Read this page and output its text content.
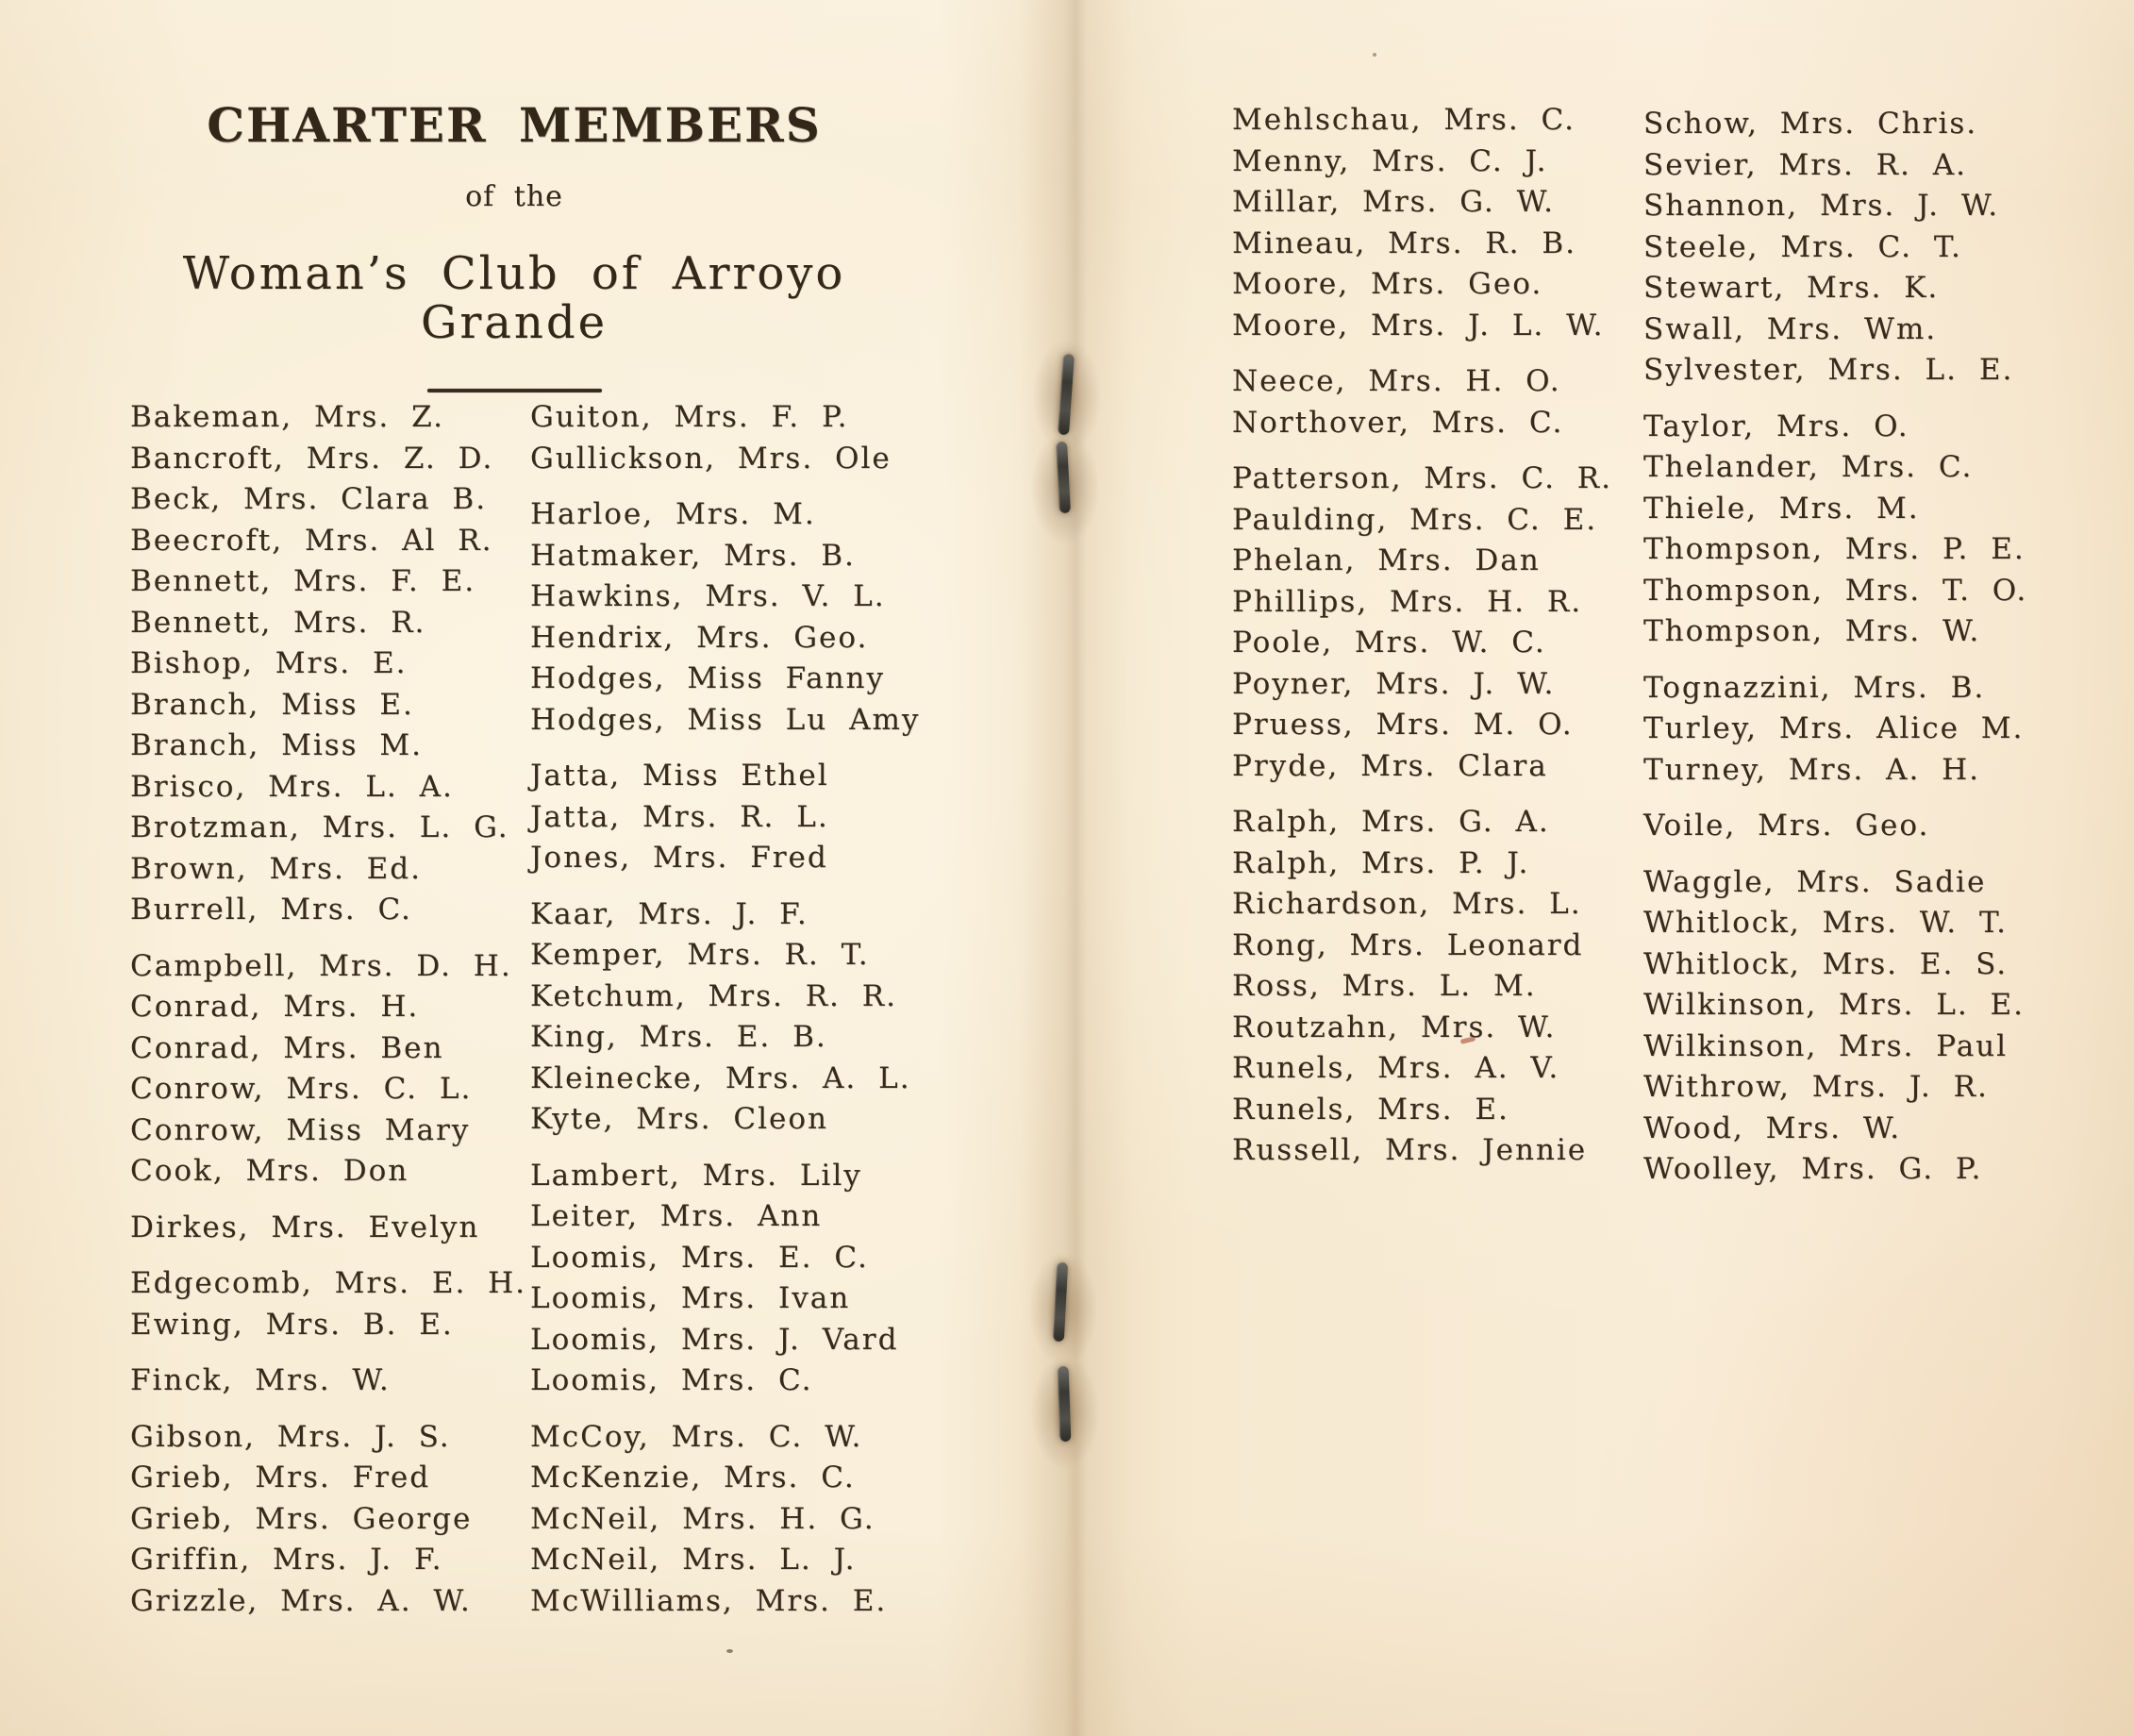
CHARTER MEMBERS
of the
Woman’s Club of Arroyo Grande
Bakeman, Mrs. Z.
Bancroft, Mrs. Z. D.
Beck, Mrs. Clara B.
Beecroft, Mrs. Al R.
Bennett, Mrs. F. E.
Bennett, Mrs. R.
Bishop, Mrs. E.
Branch, Miss E.
Branch, Miss M.
Brisco, Mrs. L. A.
Brotzman, Mrs. L. G.
Brown, Mrs. Ed.
Burrell, Mrs. C.
Campbell, Mrs. D. H.
Conrad, Mrs. H.
Conrad, Mrs. Ben
Conrow, Mrs. C. L.
Conrow, Miss Mary
Cook, Mrs. Don
Dirkes, Mrs. Evelyn
Edgecomb, Mrs. E. H.
Ewing, Mrs. B. E.
Finck, Mrs. W.
Gibson, Mrs. J. S.
Grieb, Mrs. Fred
Grieb, Mrs. George
Griffin, Mrs. J. F.
Grizzle, Mrs. A. W.
Guiton, Mrs. F. P.
Gullickson, Mrs. Ole
Harloe, Mrs. M.
Hatmaker, Mrs. B.
Hawkins, Mrs. V. L.
Hendrix, Mrs. Geo.
Hodges, Miss Fanny
Hodges, Miss Lu Amy
Jatta, Miss Ethel
Jatta, Mrs. R. L.
Jones, Mrs. Fred
Kaar, Mrs. J. F.
Kemper, Mrs. R. T.
Ketchum, Mrs. R. R.
King, Mrs. E. B.
Kleinecke, Mrs. A. L.
Kyte, Mrs. Cleon
Lambert, Mrs. Lily
Leiter, Mrs. Ann
Loomis, Mrs. E. C.
Loomis, Mrs. Ivan
Loomis, Mrs. J. Vard
Loomis, Mrs. C.
McCoy, Mrs. C. W.
McKenzie, Mrs. C.
McNeil, Mrs. H. G.
McNeil, Mrs. L. J.
McWilliams, Mrs. E.
Mehlschau, Mrs. C.
Menny, Mrs. C. J.
Millar, Mrs. G. W.
Mineau, Mrs. R. B.
Moore, Mrs. Geo.
Moore, Mrs. J. L. W.
Neece, Mrs. H. O.
Northover, Mrs. C.
Patterson, Mrs. C. R.
Paulding, Mrs. C. E.
Phelan, Mrs. Dan
Phillips, Mrs. H. R.
Poole, Mrs. W. C.
Poyner, Mrs. J. W.
Pruess, Mrs. M. O.
Pryde, Mrs. Clara
Ralph, Mrs. G. A.
Ralph, Mrs. P. J.
Richardson, Mrs. L.
Rong, Mrs. Leonard
Ross, Mrs. L. M.
Routzahn, Mrs. W.
Runels, Mrs. A. V.
Runels, Mrs. E.
Russell, Mrs. Jennie
Schow, Mrs. Chris.
Sevier, Mrs. R. A.
Shannon, Mrs. J. W.
Steele, Mrs. C. T.
Stewart, Mrs. K.
Swall, Mrs. Wm.
Sylvester, Mrs. L. E.
Taylor, Mrs. O.
Thelander, Mrs. C.
Thiele, Mrs. M.
Thompson, Mrs. P. E.
Thompson, Mrs. T. O.
Thompson, Mrs. W.
Tognazzini, Mrs. B.
Turley, Mrs. Alice M.
Turney, Mrs. A. H.
Voile, Mrs. Geo.
Waggle, Mrs. Sadie
Whitlock, Mrs. W. T.
Whitlock, Mrs. E. S.
Wilkinson, Mrs. L. E.
Wilkinson, Mrs. Paul
Withrow, Mrs. J. R.
Wood, Mrs. W.
Woolley, Mrs. G. P.
